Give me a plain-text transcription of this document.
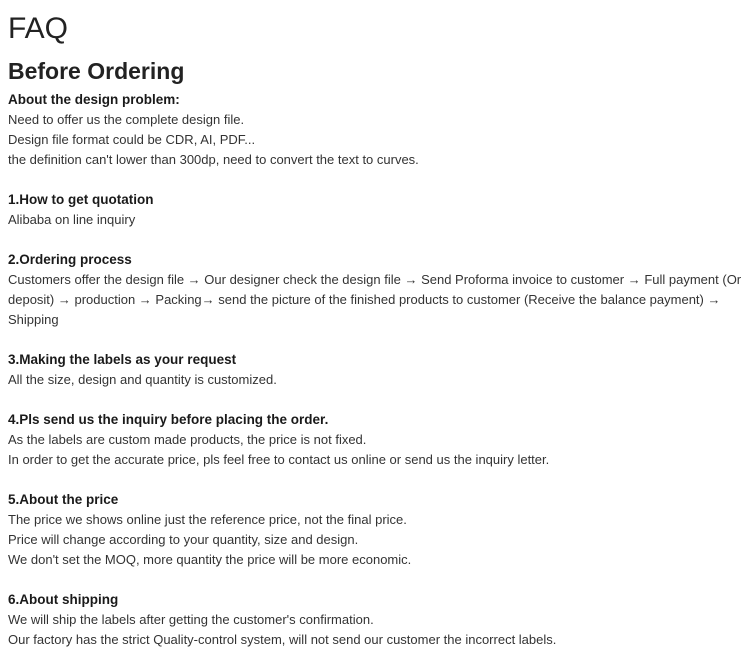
FAQ
Before Ordering
About the design problem:
Need to offer us the complete design file.
Design file format could be CDR, AI, PDF...
the definition can't lower than 300dp, need to convert the text to curves.
1.How to get quotation
Alibaba on line inquiry
2.Ordering process
Customers offer the design file → Our designer check the design file → Send Proforma invoice to customer → Full payment (Or deposit) → production → Packing→ send the picture of the finished products to customer (Receive the balance payment) → Shipping
3.Making the labels as your request
All the size, design and quantity is customized.
4.Pls send us the inquiry before placing the order.
As the labels are custom made products, the price is not fixed.
In order to get the accurate price, pls feel free to contact us online or send us the inquiry letter.
5.About the price
The price we shows online just the reference price, not the final price.
Price will change according to your quantity, size and design.
We don't set the MOQ, more quantity the price will be more economic.
6.About shipping
We will ship the labels after getting the customer's confirmation.
Our factory has the strict Quality-control system, will not send our customer the incorrect labels.
